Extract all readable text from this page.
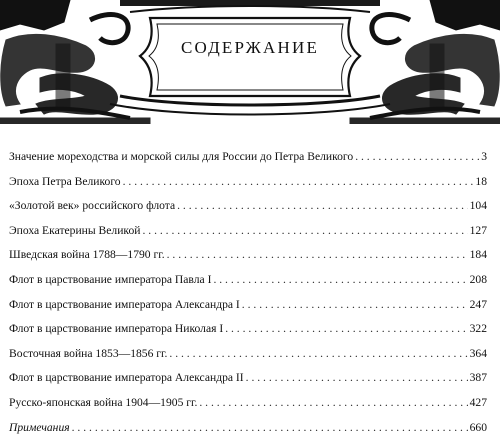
СОДЕРЖАНИЕ
Значение мореходства и морской силы для России до Петра Великого . . .	3
Эпоха Петра Великого . . .	18
«Золотой век» российского флота . . .	104
Эпоха Екатерины Великой . . .	127
Шведская война 1788—1790 гг. . . .	184
Флот в царствование императора Павла I . . .	208
Флот в царствование императора Александра I . . .	247
Флот в царствование императора Николая I . . .	322
Восточная война 1853—1856 гг. . . .	364
Флот в царствование императора Александра II . . .	387
Русско-японская война 1904—1905 гг. . . .	427
Примечания . . .	660
